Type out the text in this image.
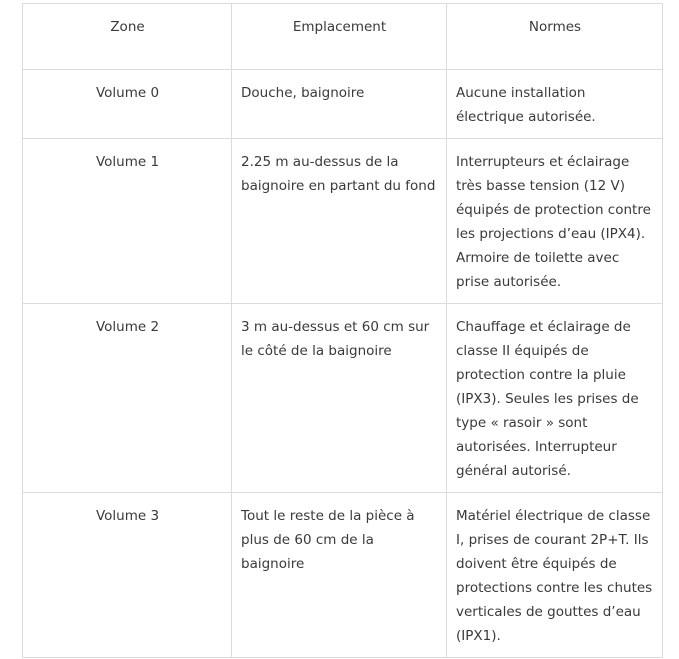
Zone	Emplacement	Normes
Volume 0	Douche, baignoire	Aucune installation électrique autorisée.
Volume 1	2.25 m au-dessus de la baignoire en partant du fond	Interrupteurs et éclairage très basse tension (12 V) équipés de protection contre les projections d’eau (IPX4). Armoire de toilette avec prise autorisée.
Volume 2	3 m au-dessus et 60 cm sur le côté de la baignoire	Chauffage et éclairage de classe II équipés de protection contre la pluie (IPX3). Seules les prises de type « rasoir » sont autorisées. Interrupteur général autorisé.
Volume 3	Tout le reste de la pièce à plus de 60 cm de la baignoire	Matériel électrique de classe I, prises de courant 2P+T. Ils doivent être équipés de protections contre les chutes verticales de gouttes d’eau (IPX1).
